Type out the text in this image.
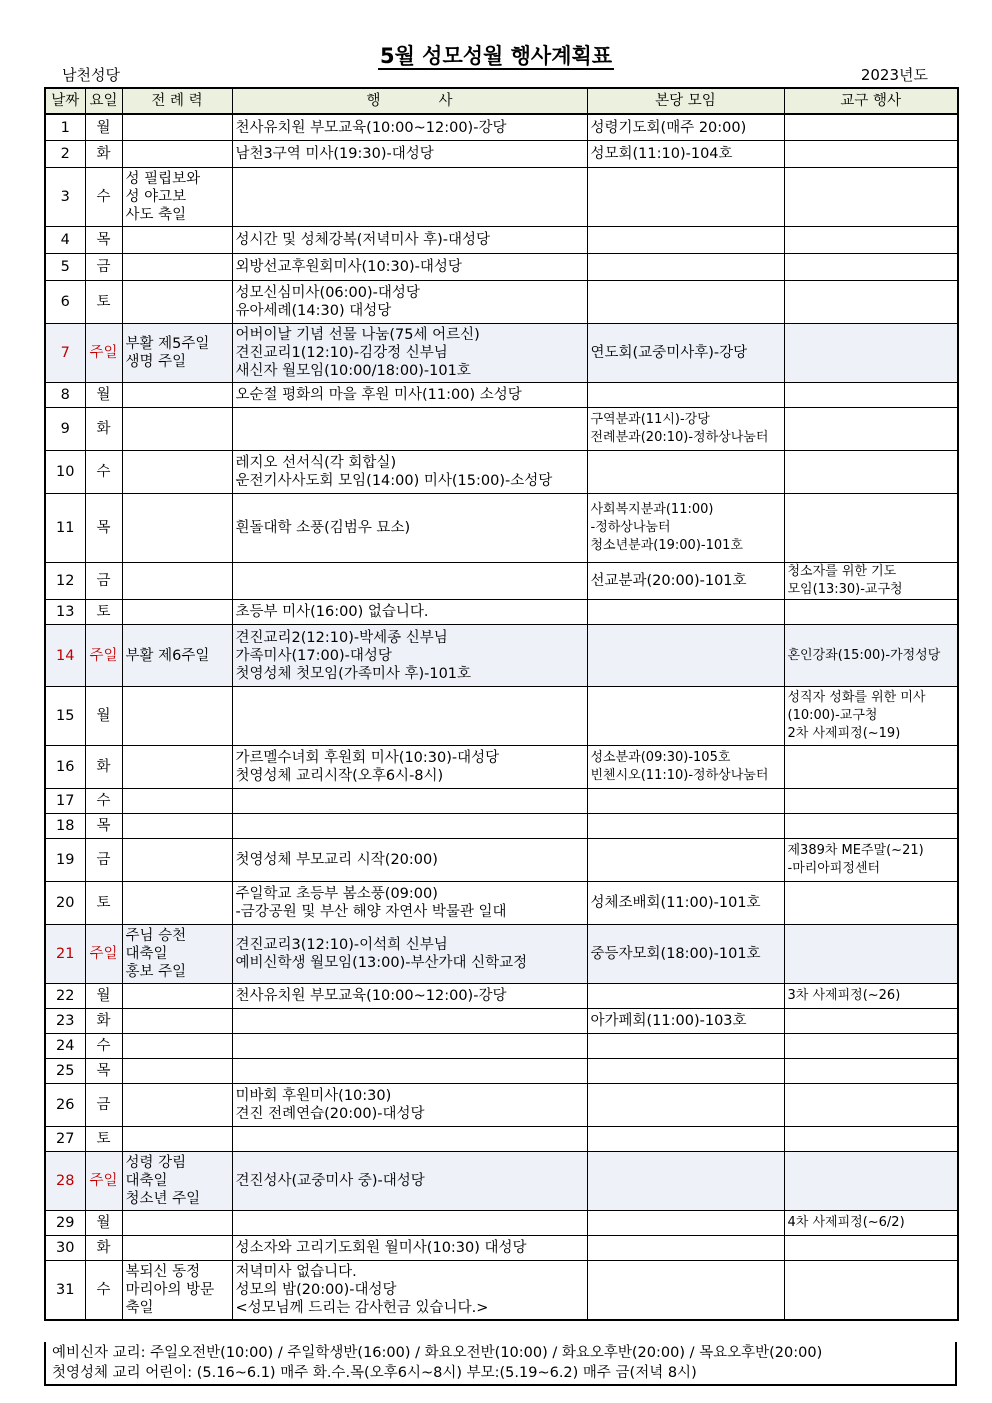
5월 성모성월 행사계획표
남천성당	2023년도
날짜	요일	전 례 력	행　　　　사	본당 모임	교구 행사

1	월		천사유치원 부모교육(10:00~12:00)-강당	성령기도회(매주 20:00)	

2	화		남천3구역 미사(19:30)-대성당	성모회(11:10)-104호	

3	수	성 필립보와
성 야고보
사도 축일			

4	목		성시간 및 성체강복(저녁미사 후)-대성당		

5	금		외방선교후원회미사(10:30)-대성당		

6	토		성모신심미사(06:00)-대성당
유아세례(14:30) 대성당		

7	주일	부활 제5주일
생명 주일	어버이날 기념 선물 나눔(75세 어르신)
견진교리1(12:10)-김강정 신부님
새신자 월모임(10:00/18:00)-101호	연도회(교중미사후)-강당	

8	월		오순절 평화의 마을 후원 미사(11:00) 소성당		

9	화			구역분과(11시)-강당
전례분과(20:10)-정하상나눔터	

10	수		레지오 선서식(각 회합실)
운전기사사도회 모임(14:00) 미사(15:00)-소성당		

11	목		흰돌대학 소풍(김범우 묘소)	사회복지분과(11:00)
-정하상나눔터
청소년분과(19:00)-101호	

12	금			선교분과(20:00)-101호	청소자를 위한 기도
모임(13:30)-교구청

13	토		초등부 미사(16:00) 없습니다.		

14	주일	부활 제6주일	견진교리2(12:10)-박세종 신부님
가족미사(17:00)-대성당
첫영성체 첫모임(가족미사 후)-101호		혼인강좌(15:00)-가정성당

15	월				성직자 성화를 위한 미사
(10:00)-교구청
2차 사제피정(~19)

16	화		가르멜수녀회 후원회 미사(10:30)-대성당
첫영성체 교리시작(오후6시-8시)	성소분과(09:30)-105호
빈첸시오(11:10)-정하상나눔터	

17	수				

18	목				

19	금		첫영성체 부모교리 시작(20:00)		제389차 ME주말(~21)
-마리아피정센터

20	토		주일학교 초등부 봄소풍(09:00)
-금강공원 및 부산 해양 자연사 박물관 일대	성체조배회(11:00)-101호	

21	주일	주님 승천
대축일
홍보 주일	견진교리3(12:10)-이석희 신부님
예비신학생 월모임(13:00)-부산가대 신학교정	중등자모회(18:00)-101호	

22	월		천사유치원 부모교육(10:00~12:00)-강당		3차 사제피정(~26)

23	화			아가페회(11:00)-103호	

24	수				

25	목				

26	금		미바회 후원미사(10:30)
견진 전례연습(20:00)-대성당		

27	토				

28	주일	성령 강림
대축일
청소년 주일	견진성사(교중미사 중)-대성당		

29	월				4차 사제피정(~6/2)

30	화		성소자와 고리기도회원 월미사(10:30) 대성당		

31	수	복되신 동정
마리아의 방문
축일	저녁미사 없습니다.
성모의 밤(20:00)-대성당
<성모님께 드리는 감사헌금 있습니다.>		

예비신자 교리: 주일오전반(10:00) / 주일학생반(16:00) / 화요오전반(10:00) / 화요오후반(20:00) / 목요오후반(20:00)
첫영성체 교리 어린이: (5.16~6.1) 매주 화.수.목(오후6시~8시) 부모:(5.19~6.2) 매주 금(저녁 8시)
